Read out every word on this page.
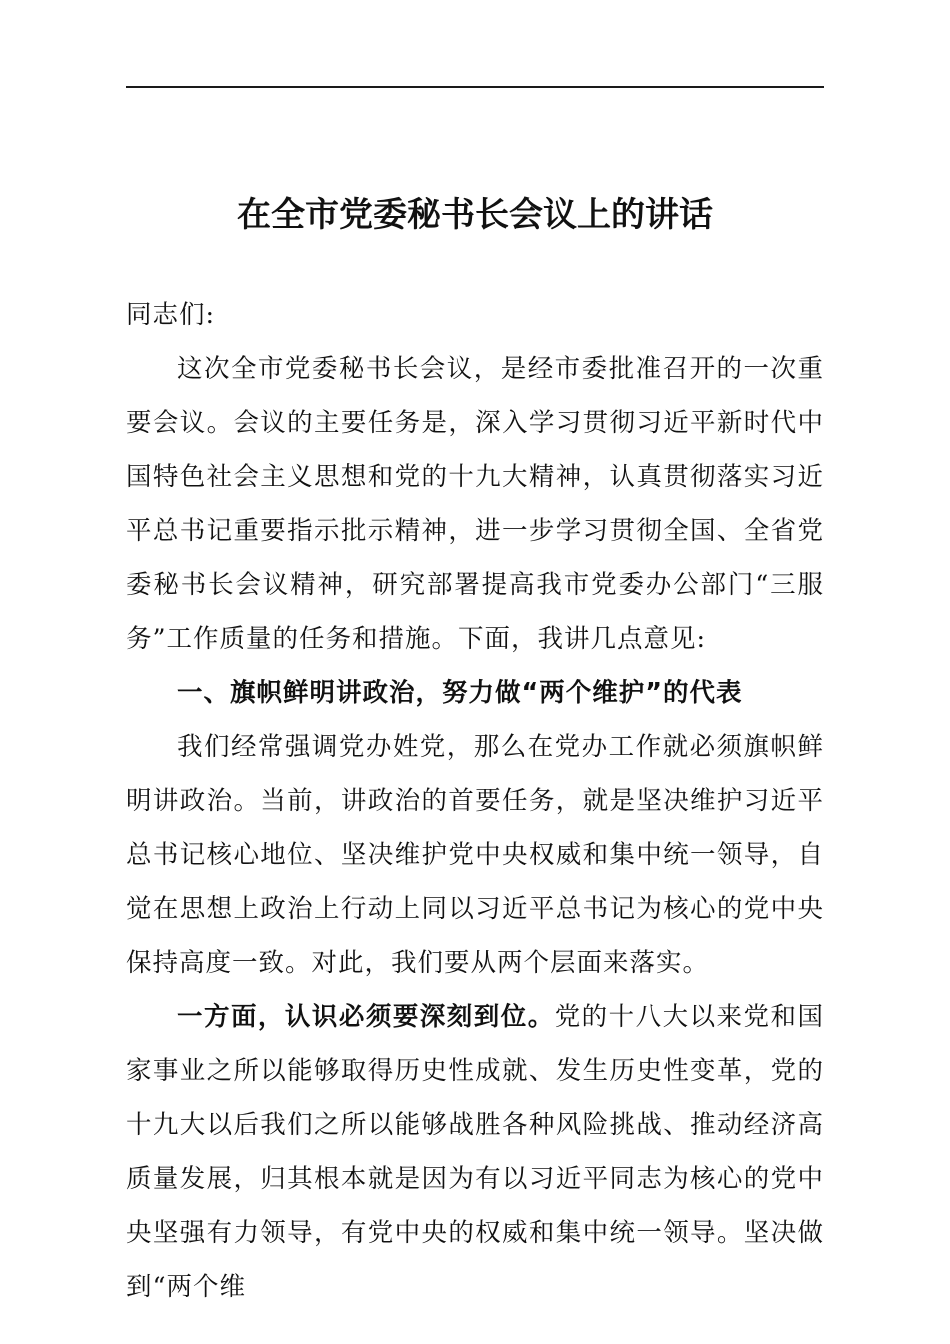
在全市党委秘书长会议上的讲话

同志们:

这次全市党委秘书长会议，是经市委批准召开的一次重要会议。会议的主要任务是，深入学习贯彻习近平新时代中国特色社会主义思想和党的十九大精神，认真贯彻落实习近平总书记重要指示批示精神，进一步学习贯彻全国、全省党委秘书长会议精神，研究部署提高我市党委办公部门“三服务”工作质量的任务和措施。下面，我讲几点意见:

一、旗帜鲜明讲政治，努力做“两个维护”的代表

我们经常强调党办姓党，那么在党办工作就必须旗帜鲜明讲政治。当前，讲政治的首要任务，就是坚决维护习近平总书记核心地位、坚决维护党中央权威和集中统一领导，自觉在思想上政治上行动上同以习近平总书记为核心的党中央保持高度一致。对此，我们要从两个层面来落实。

一方面，认识必须要深刻到位。党的十八大以来党和国家事业之所以能够取得历史性成就、发生历史性变革，党的十九大以后我们之所以能够战胜各种风险挑战、推动经济高质量发展，归其根本就是因为有以习近平同志为核心的党中央坚强有力领导，有党中央的权威和集中统一领导。坚决做到“两个维
